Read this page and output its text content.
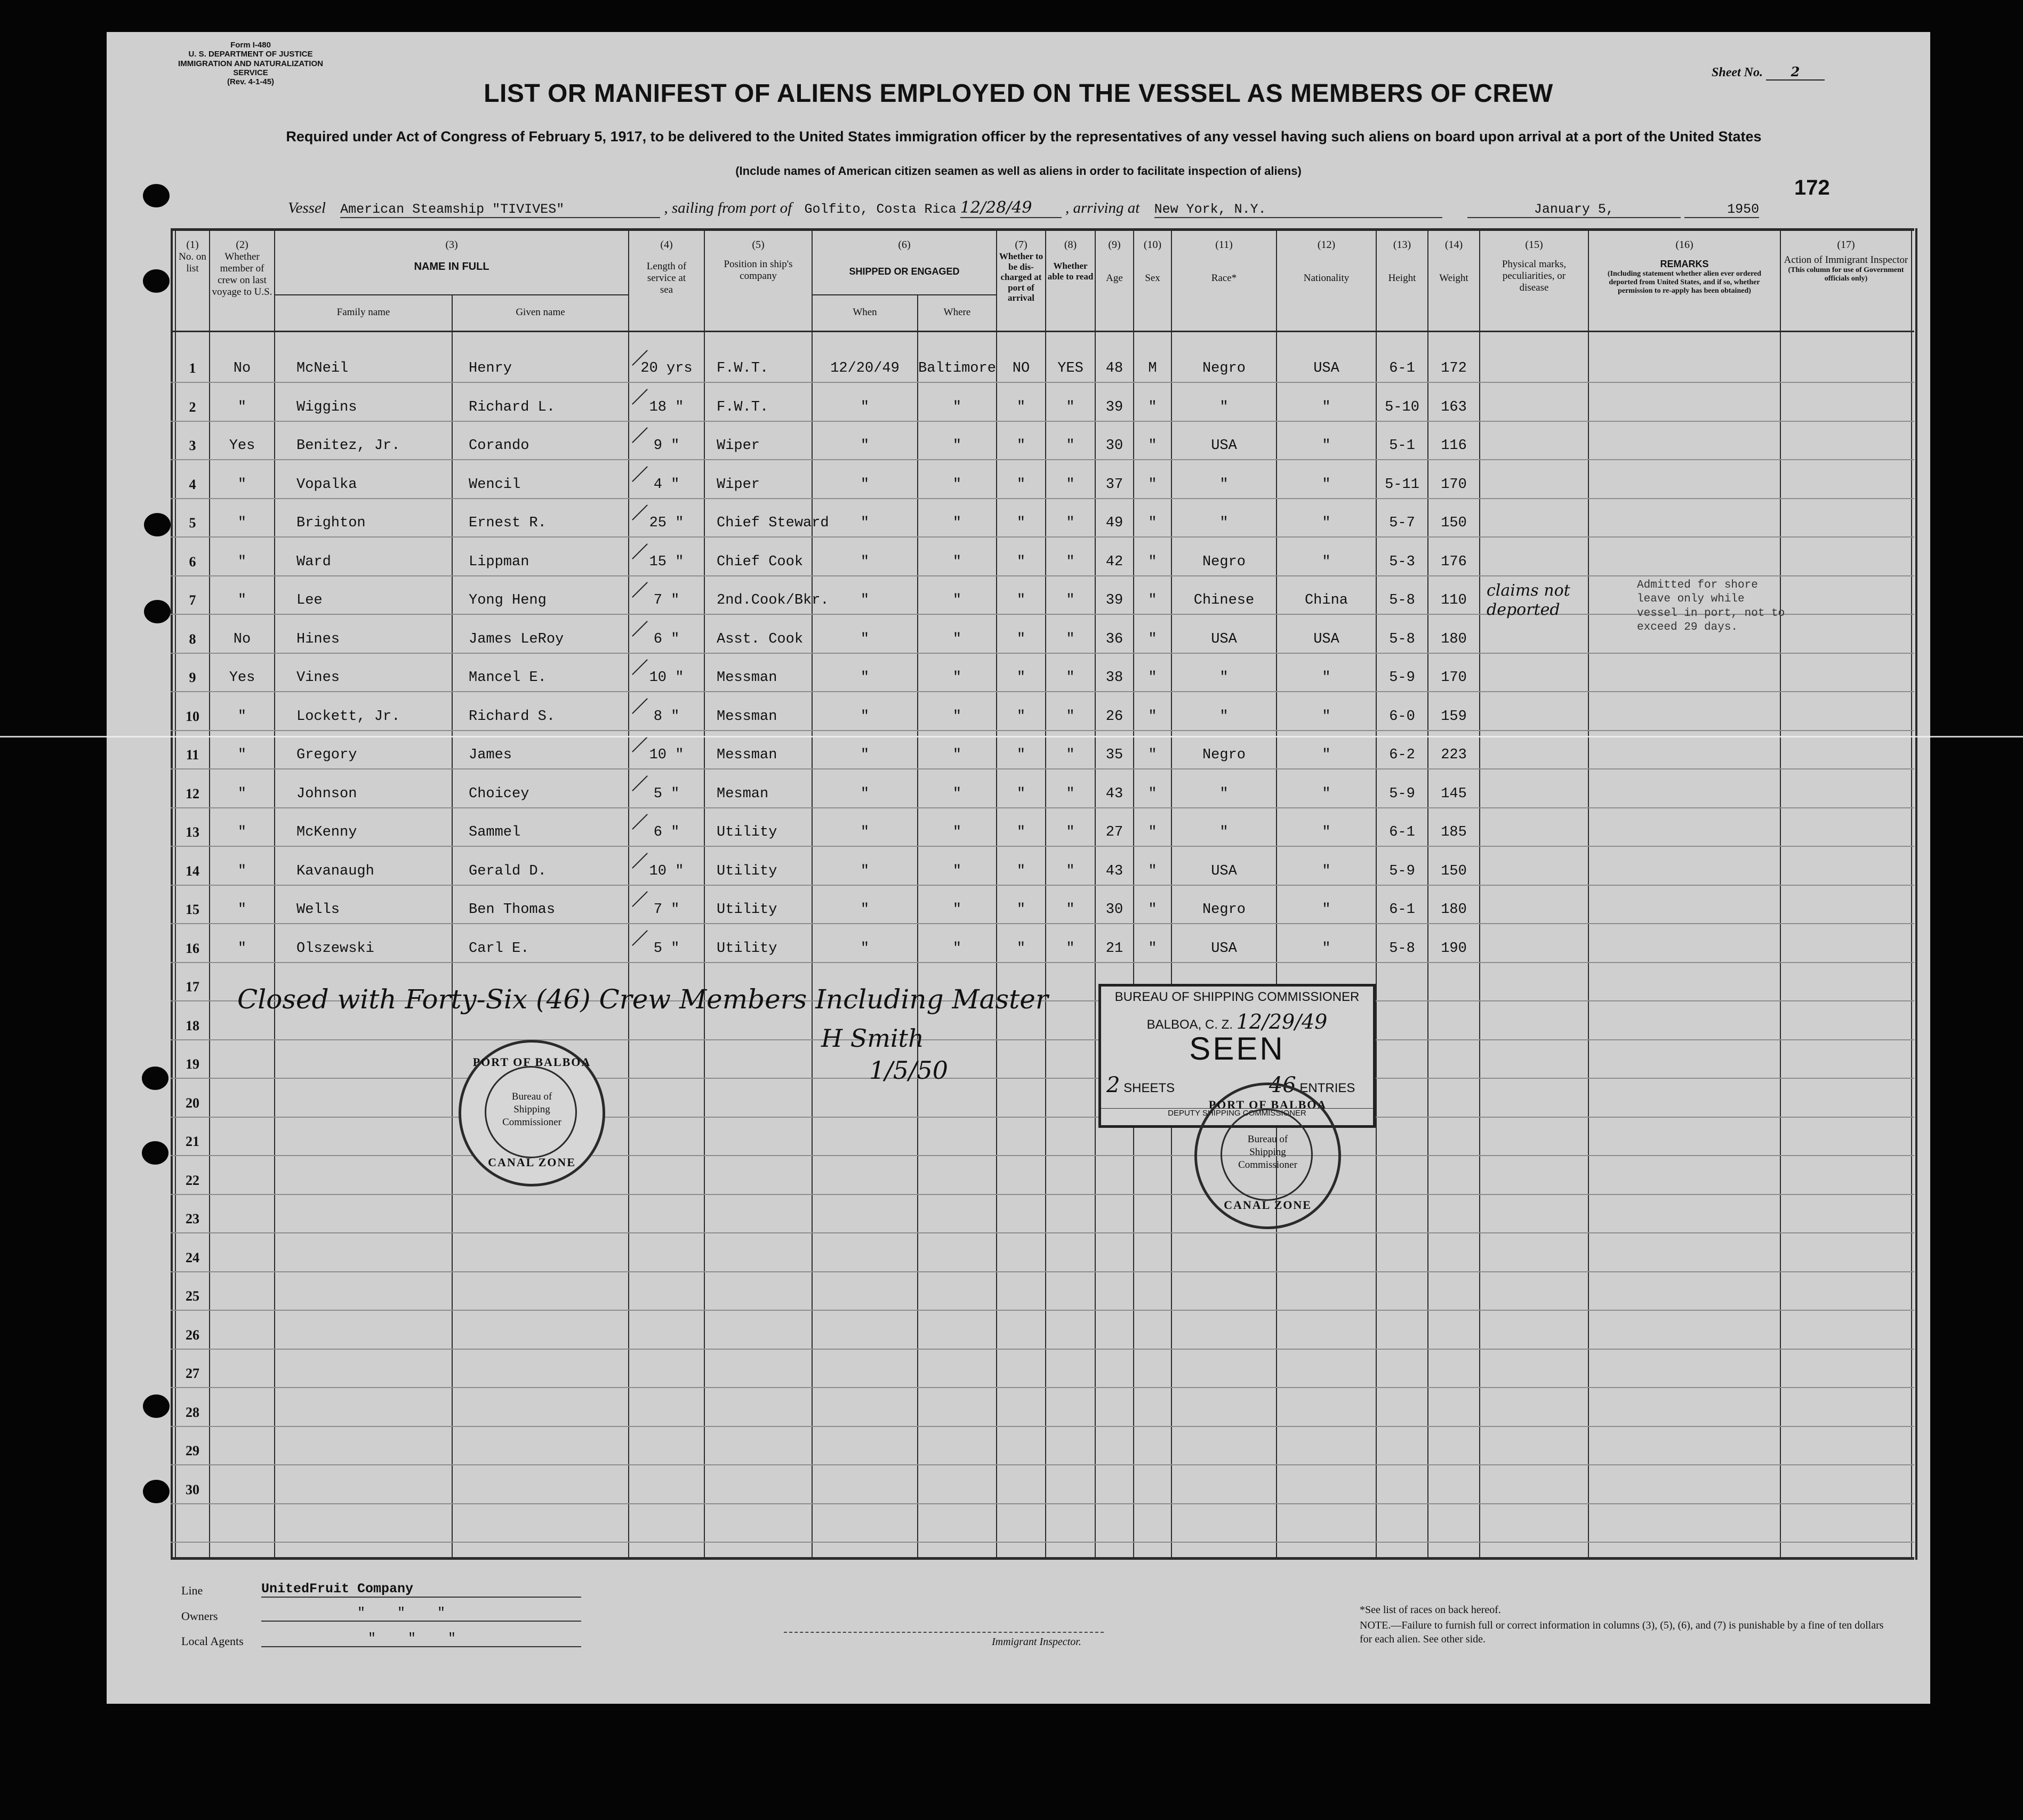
Form I-480
U. S. DEPARTMENT OF JUSTICE
IMMIGRATION AND NATURALIZATION SERVICE
(Rev. 4-1-45)
Sheet No. 2
LIST OR MANIFEST OF ALIENS EMPLOYED ON THE VESSEL AS MEMBERS OF CREW
Required under Act of Congress of February 5, 1917, to be delivered to the United States immigration officer by the representatives of any vessel having such aliens on board upon arrival at a port of the United States
(Include names of American citizen seamen as well as aliens in order to facilitate inspection of aliens)
172
Vessel American Steamship "TIVIVES"	, sailing from port of Golfito, Costa Rica 12/28/49 , arriving at New York, N.Y.	January 5,	1950
(1)
No. on list
(2)
Whether member of crew on last voyage to U.S.
(3)
NAME IN FULL
Family name	Given name
(4)
Length of service at sea
(5)
Position in ship's company
(6)
SHIPPED OR ENGAGED
When	Where
(7)
Whether to be dis-charged at port of arrival
(8)
Whether able to read
(9)
Age
(10)
Sex
(11)
Race*
(12)
Nationality
(13)
Height
(14)
Weight
(15)
Physical marks, peculiarities, or disease
(16)
REMARKS
(Including statement whether alien ever ordered deported from United States, and if so, whether permission to re-apply has been obtained)
(17)
Action of Immigrant Inspector
(This column for use of Government officials only)
1	No	McNeil	Henry	20 yrs	F.W.T.	12/20/49	Baltimore	NO	YES	48	M	Negro	USA	6-1	172
2	"	Wiggins	Richard L.	18 "	F.W.T.	"	"	"	"	39	"	"	"	5-10	163
3	Yes	Benitez, Jr.	Corando	9 "	Wiper	"	"	"	"	30	"	USA	"	5-1	116
4	"	Vopalka	Wencil	4 "	Wiper	"	"	"	"	37	"	"	"	5-11	170
5	"	Brighton	Ernest R.	25 "	Chief Steward	"	"	"	"	49	"	"	"	5-7	150
6	"	Ward	Lippman	15 "	Chief Cook	"	"	"	"	42	"	Negro	"	5-3	176
7	"	Lee	Yong Heng	7 "	2nd.Cook/Bkr.	"	"	"	"	39	"	Chinese	China	5-8	110
8	No	Hines	James LeRoy	6 "	Asst. Cook	"	"	"	"	36	"	USA	USA	5-8	180
9	Yes	Vines	Mancel E.	10 "	Messman	"	"	"	"	38	"	"	"	5-9	170
10	"	Lockett, Jr.	Richard S.	8 "	Messman	"	"	"	"	26	"	"	"	6-0	159
11	"	Gregory	James	10 "	Messman	"	"	"	"	35	"	Negro	"	6-2	223
12	"	Johnson	Choicey	5 "	Mesman	"	"	"	"	43	"	"	"	5-9	145
13	"	McKenny	Sammel	6 "	Utility	"	"	"	"	27	"	"	"	6-1	185
14	"	Kavanaugh	Gerald D.	10 "	Utility	"	"	"	"	43	"	USA	"	5-9	150
15	"	Wells	Ben Thomas	7 "	Utility	"	"	"	"	30	"	Negro	"	6-1	180
16	"	Olszewski	Carl E.	5 "	Utility	"	"	"	"	21	"	USA	"	5-8	190
17
18
19
20
21
22
23
24
25
26
27
28
29
30
claims not deported
Admitted for shore leave only while vessel in port, not to exceed 29 days.
Closed with Forty-Six (46) Crew Members Including Master
H Smith
1/5/50
PORT OF BALBOA
Bureau of Shipping Commissioner
CANAL ZONE
BUREAU OF SHIPPING COMMISSIONER
BALBOA, C. Z. 12/29/49
SEEN
2 SHEETS	46 ENTRIES
DEPUTY SHIPPING COMMISSIONER
PORT OF BALBOA
Bureau of Shipping Commissioner
CANAL ZONE
Line	UnitedFruit Company
Owners	"    "    "
Local Agents	"    "    "	Immigrant Inspector.
*See list of races on back hereof.
NOTE.—Failure to furnish full or correct information in columns (3), (5), (6), and (7) is punishable by a fine of ten dollars for each alien. See other side.
